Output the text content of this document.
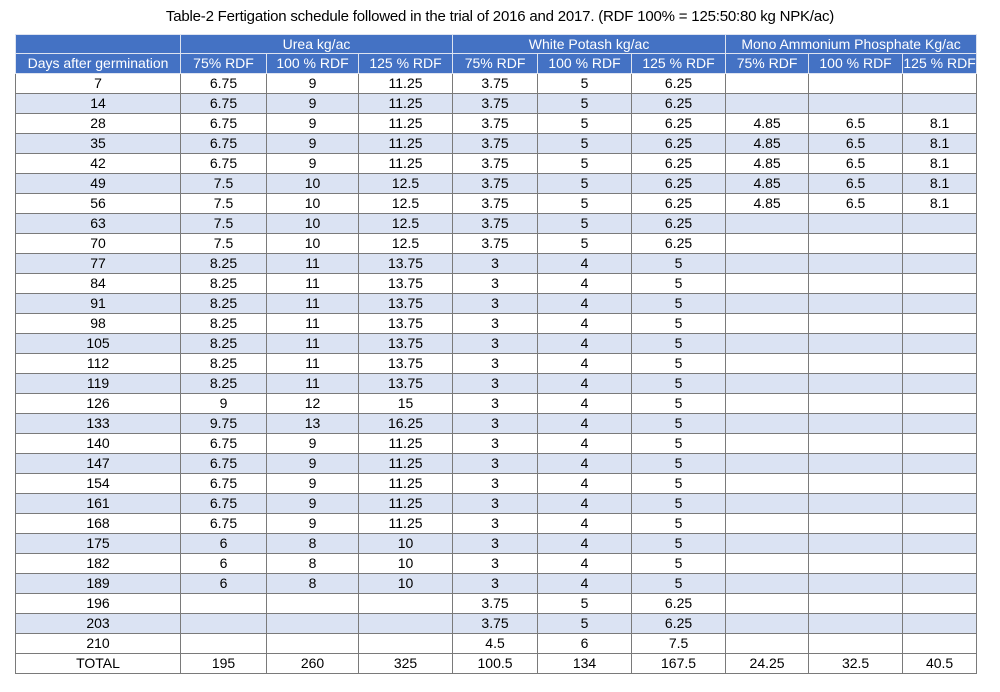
Table-2 Fertigation schedule followed in the trial of 2016 and 2017. (RDF 100% = 125:50:80 kg NPK/ac)
	Urea kg/ac			White Potash kg/ac			Mono Ammonium Phosphate Kg/ac		
Days after germination	75% RDF	100 % RDF	125 % RDF	75% RDF	100 % RDF	125 % RDF	75% RDF	100 % RDF	125 % RDF
7	6.75	9	11.25	3.75	5	6.25			
14	6.75	9	11.25	3.75	5	6.25			
28	6.75	9	11.25	3.75	5	6.25	4.85	6.5	8.1
35	6.75	9	11.25	3.75	5	6.25	4.85	6.5	8.1
42	6.75	9	11.25	3.75	5	6.25	4.85	6.5	8.1
49	7.5	10	12.5	3.75	5	6.25	4.85	6.5	8.1
56	7.5	10	12.5	3.75	5	6.25	4.85	6.5	8.1
63	7.5	10	12.5	3.75	5	6.25			
70	7.5	10	12.5	3.75	5	6.25			
77	8.25	11	13.75	3	4	5			
84	8.25	11	13.75	3	4	5			
91	8.25	11	13.75	3	4	5			
98	8.25	11	13.75	3	4	5			
105	8.25	11	13.75	3	4	5			
112	8.25	11	13.75	3	4	5			
119	8.25	11	13.75	3	4	5			
126	9	12	15	3	4	5			
133	9.75	13	16.25	3	4	5			
140	6.75	9	11.25	3	4	5			
147	6.75	9	11.25	3	4	5			
154	6.75	9	11.25	3	4	5			
161	6.75	9	11.25	3	4	5			
168	6.75	9	11.25	3	4	5			
175	6	8	10	3	4	5			
182	6	8	10	3	4	5			
189	6	8	10	3	4	5			
196				3.75	5	6.25			
203				3.75	5	6.25			
210				4.5	6	7.5			
TOTAL	195	260	325	100.5	134	167.5	24.25	32.5	40.5
